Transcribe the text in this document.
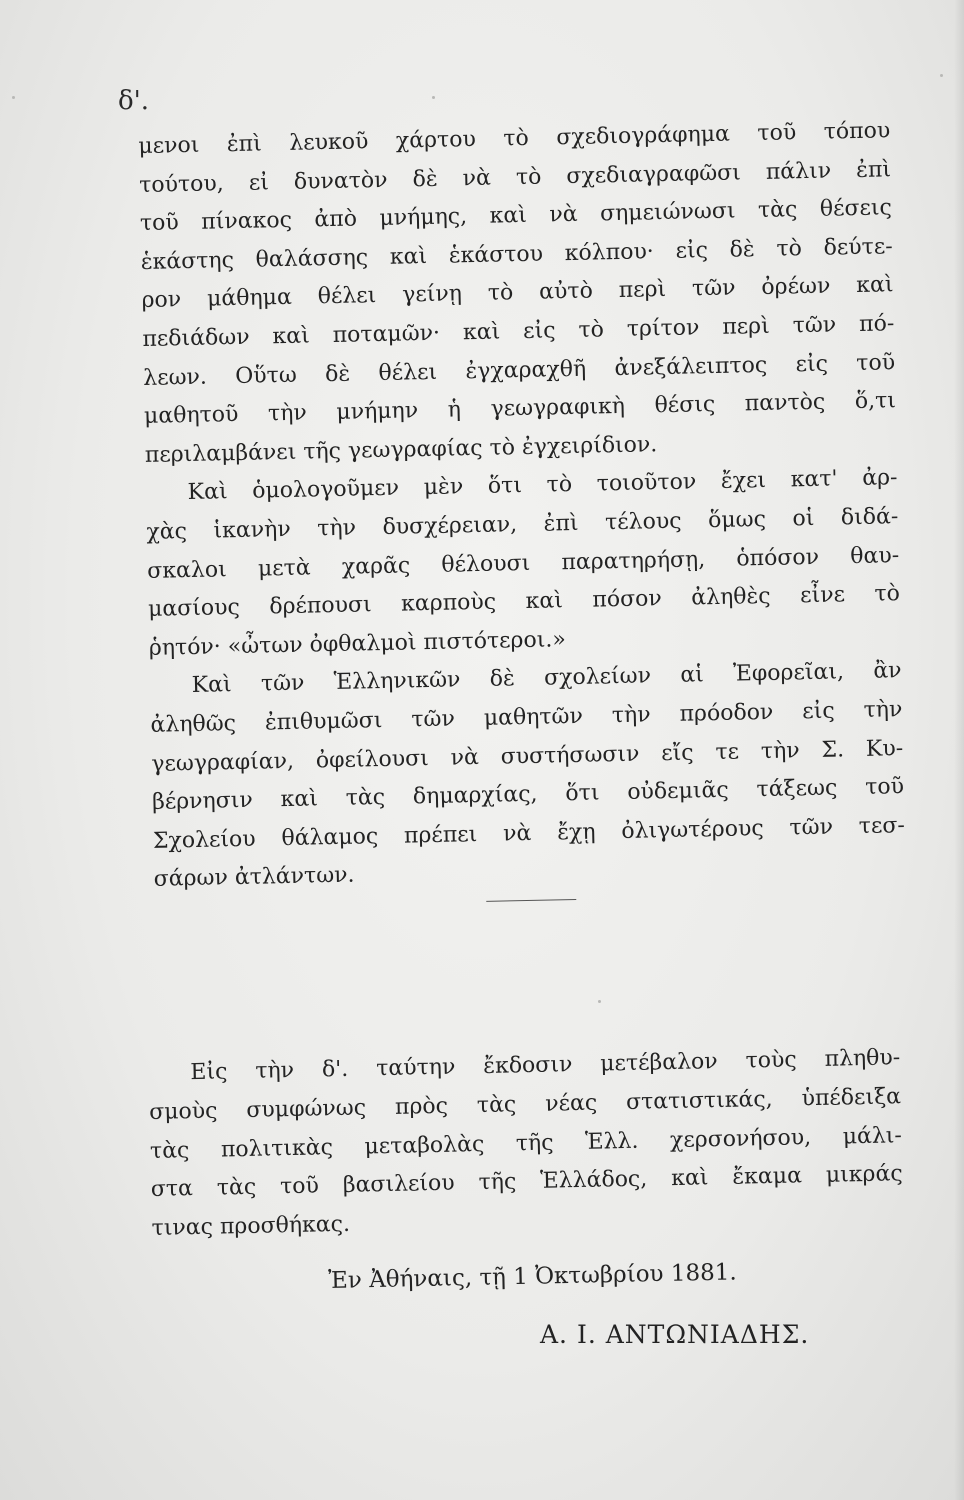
δ'.
μενοι ἐπὶ λευκοῦ χάρτου τὸ σχεδιογράφημα τοῦ τόπου
τούτου, εἰ δυνατὸν δὲ νὰ τὸ σχεδιαγραφῶσι πάλιν ἐπὶ
τοῦ πίνακος ἀπὸ μνήμης, καὶ νὰ σημειώνωσι τὰς θέσεις
ἑκάστης θαλάσσης καὶ ἑκάστου κόλπου· εἰς δὲ τὸ δεύτε-
ρον μάθημα θέλει γείνῃ τὸ αὐτὸ περὶ τῶν ὀρέων καὶ
πεδιάδων καὶ ποταμῶν· καὶ εἰς τὸ τρίτον περὶ τῶν πό-
λεων. Οὕτω δὲ θέλει ἐγχαραχθῆ ἀνεξάλειπτος εἰς τοῦ
μαθητοῦ τὴν μνήμην ἡ γεωγραφικὴ θέσις παντὸς ὅ,τι
περιλαμβάνει τῆς γεωγραφίας τὸ ἐγχειρίδιον.
Καὶ ὁμολογοῦμεν μὲν ὅτι τὸ τοιοῦτον ἔχει κατ' ἀρ-
χὰς ἱκανὴν τὴν δυσχέρειαν, ἐπὶ τέλους ὅμως οἱ διδά-
σκαλοι μετὰ χαρᾶς θέλουσι παρατηρήσῃ, ὁπόσον θαυ-
μασίους δρέπουσι καρποὺς καὶ πόσον ἀληθὲς εἶνε τὸ
ῥητόν· «ὦτων ὀφθαλμοὶ πιστότεροι.»
Καὶ τῶν Ἑλληνικῶν δὲ σχολείων αἱ Ἐφορεῖαι, ἂν
ἀληθῶς ἐπιθυμῶσι τῶν μαθητῶν τὴν πρόοδον εἰς τὴν
γεωγραφίαν, ὀφείλουσι νὰ συστήσωσιν εἴς τε τὴν Σ. Κυ-
βέρνησιν καὶ τὰς δημαρχίας, ὅτι οὐδεμιᾶς τάξεως τοῦ
Σχολείου θάλαμος πρέπει νὰ ἔχῃ ὀλιγωτέρους τῶν τεσ-
σάρων ἀτλάντων.
Εἰς τὴν δ'. ταύτην ἔκδοσιν μετέβαλον τοὺς πληθυ-
σμοὺς συμφώνως πρὸς τὰς νέας στατιστικάς, ὑπέδειξα
τὰς πολιτικὰς μεταβολὰς τῆς Ἑλλ. χερσονήσου, μάλι-
στα τὰς τοῦ βασιλείου τῆς Ἑλλάδος, καὶ ἔκαμα μικράς
τινας προσθήκας.
Ἐν Ἀθήναις, τῇ 1 Ὀκτωβρίου 1881.
Α. Ι. ΑΝΤΩΝΙΑΔΗΣ.
